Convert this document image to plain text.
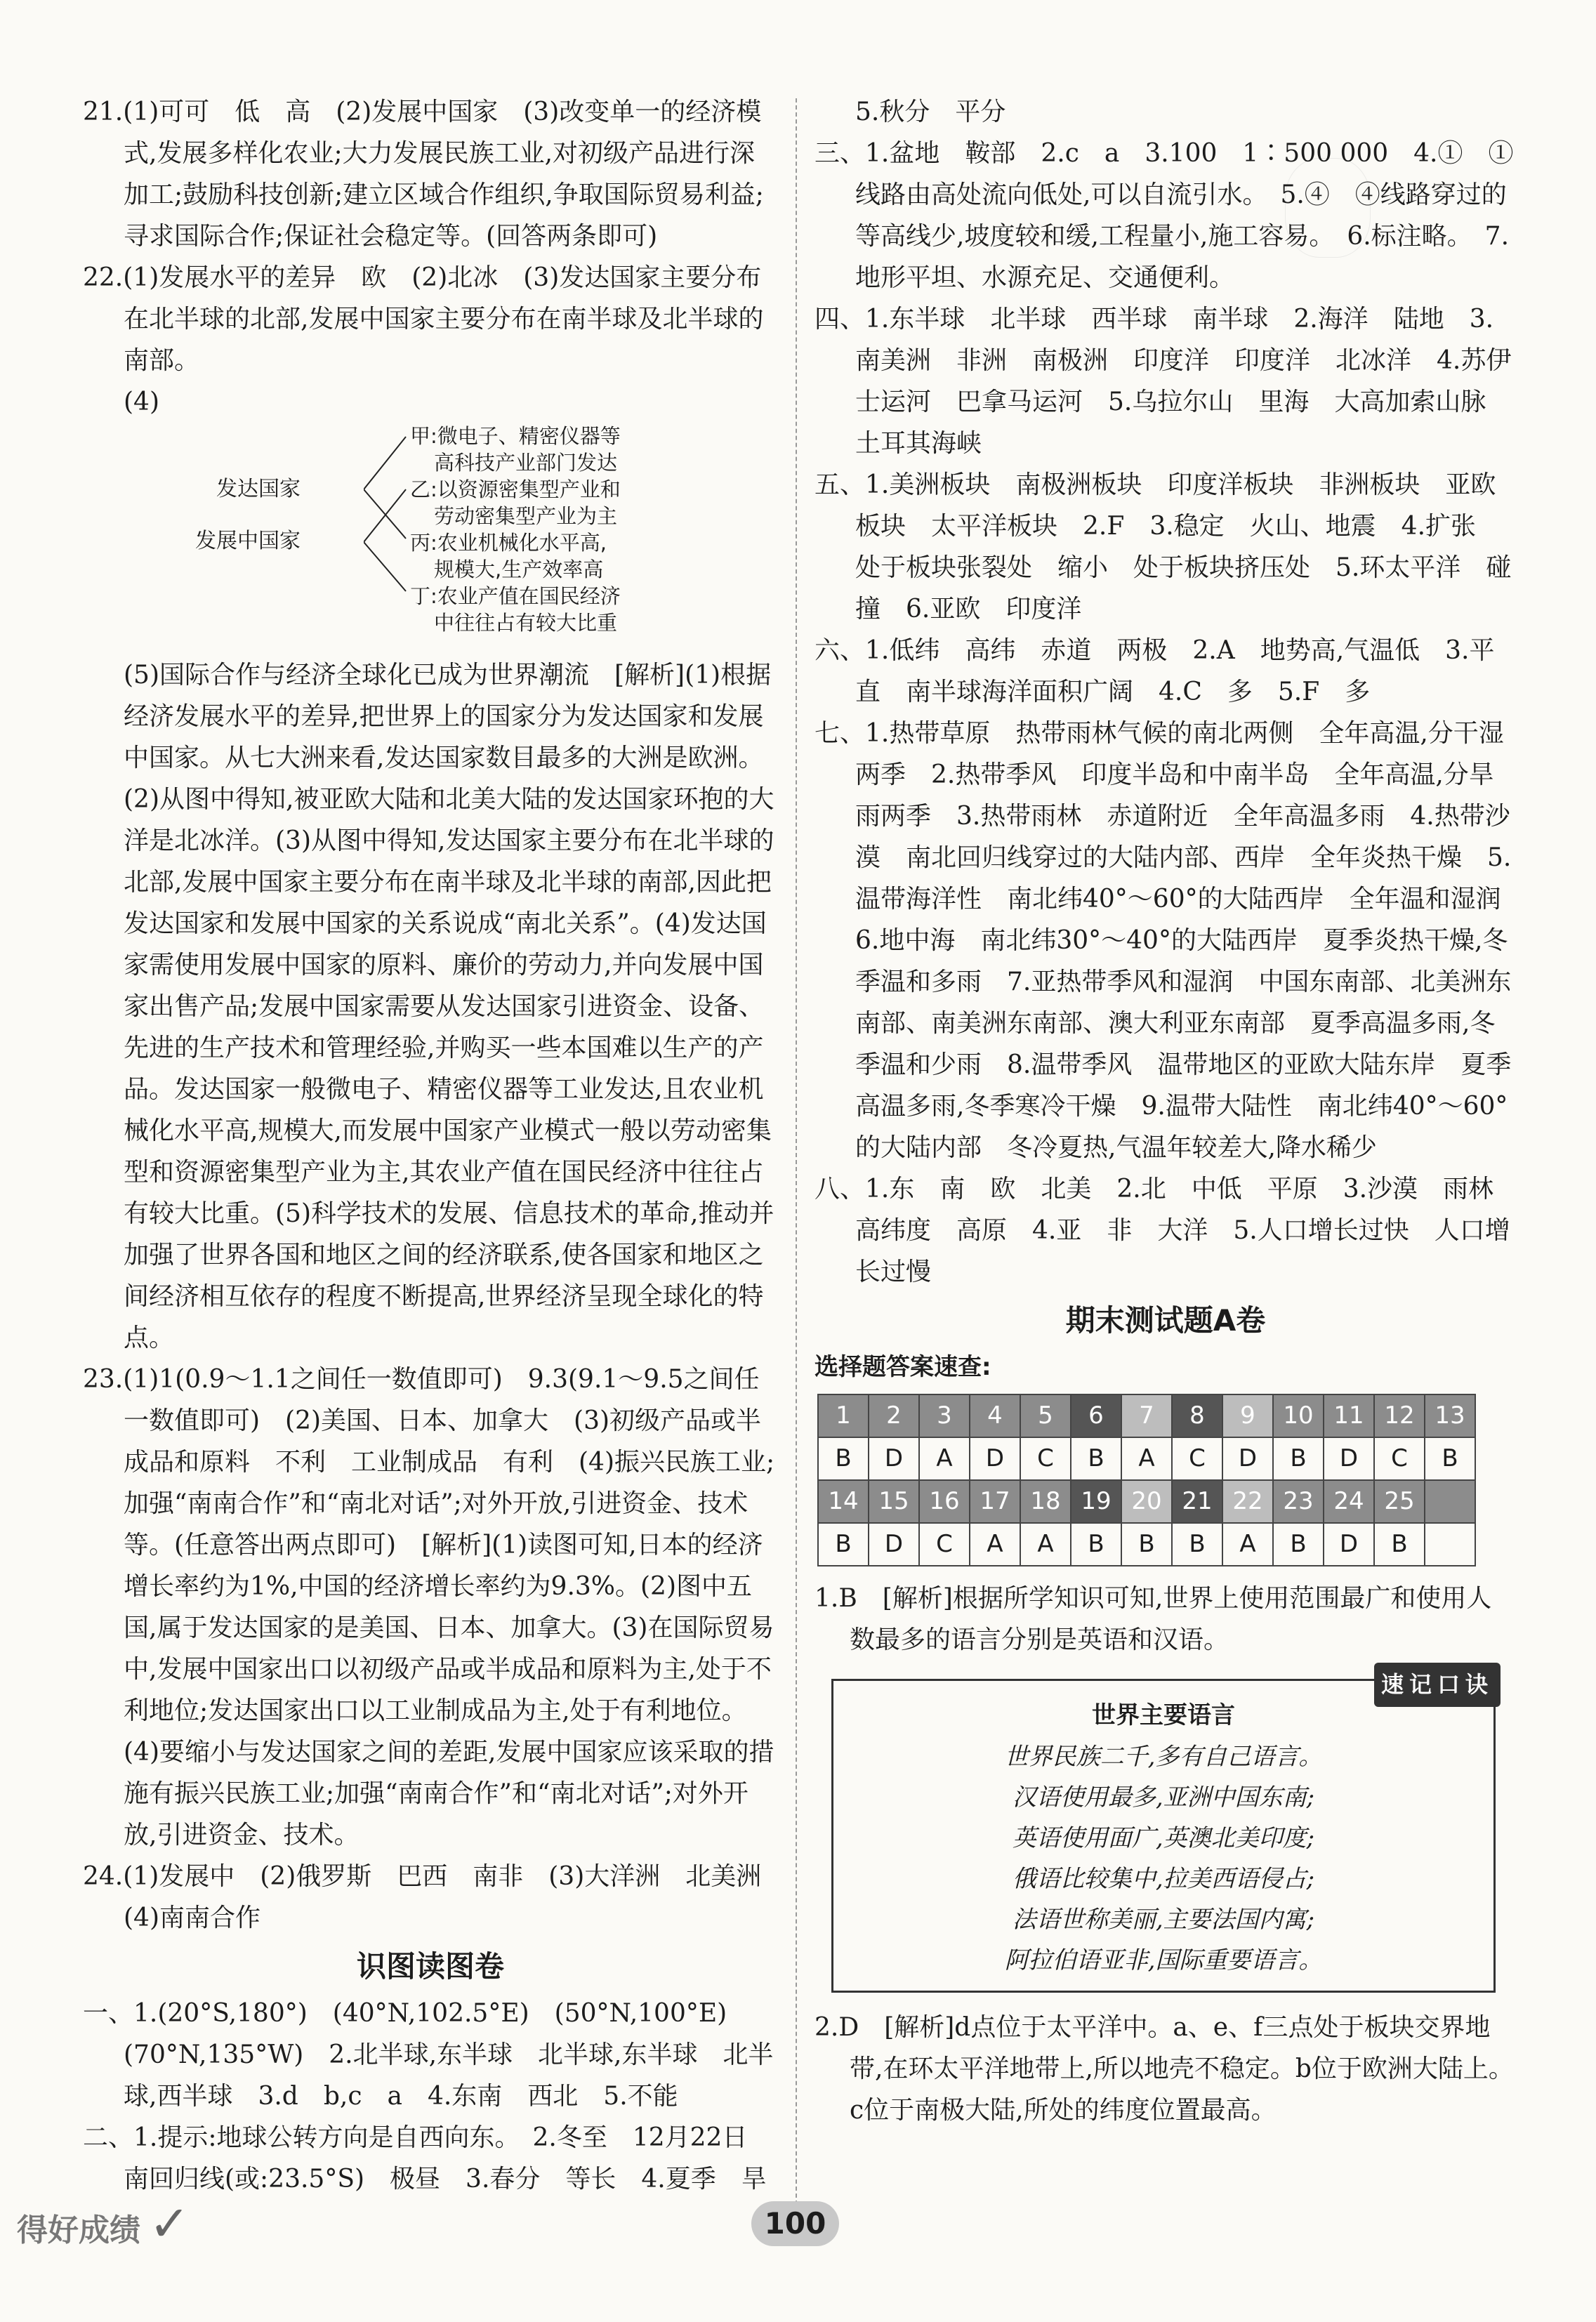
21.(1)可可　低　高　(2)发展中国家　(3)改变单一的经济模式,发展多样化农业;大力发展民族工业,对初级产品进行深加工;鼓励科技创新;建立区域合作组织,争取国际贸易利益;寻求国际合作;保证社会稳定等。(回答两条即可)

22.(1)发展水平的差异　欧　(2)北冰　(3)发达国家主要分布在北半球的北部,发展中国家主要分布在南半球及北半球的南部。

(4)

发达国家
发展中国家
甲:微电子、精密仪器等
高科技产业部门发达
乙:以资源密集型产业和
劳动密集型产业为主
丙:农业机械化水平高,
规模大,生产效率高
丁:农业产值在国民经济
中往往占有较大比重

(5)国际合作与经济全球化已成为世界潮流　[解析](1)根据经济发展水平的差异,把世界上的国家分为发达国家和发展中国家。从七大洲来看,发达国家数目最多的大洲是欧洲。(2)从图中得知,被亚欧大陆和北美大陆的发达国家环抱的大洋是北冰洋。(3)从图中得知,发达国家主要分布在北半球的北部,发展中国家主要分布在南半球及北半球的南部,因此把发达国家和发展中国家的关系说成“南北关系”。(4)发达国家需使用发展中国家的原料、廉价的劳动力,并向发展中国家出售产品;发展中国家需要从发达国家引进资金、设备、先进的生产技术和管理经验,并购买一些本国难以生产的产品。发达国家一般微电子、精密仪器等工业发达,且农业机械化水平高,规模大,而发展中国家产业模式一般以劳动密集型和资源密集型产业为主,其农业产值在国民经济中往往占有较大比重。(5)科学技术的发展、信息技术的革命,推动并加强了世界各国和地区之间的经济联系,使各国家和地区之间经济相互依存的程度不断提高,世界经济呈现全球化的特点。

23.(1)1(0.9～1.1之间任一数值即可)　9.3(9.1～9.5之间任一数值即可)　(2)美国、日本、加拿大　(3)初级产品或半成品和原料　不利　工业制成品　有利　(4)振兴民族工业;加强“南南合作”和“南北对话”;对外开放,引进资金、技术等。(任意答出两点即可)　[解析](1)读图可知,日本的经济增长率约为1%,中国的经济增长率约为9.3%。(2)图中五国,属于发达国家的是美国、日本、加拿大。(3)在国际贸易中,发展中国家出口以初级产品或半成品和原料为主,处于不利地位;发达国家出口以工业制成品为主,处于有利地位。(4)要缩小与发达国家之间的差距,发展中国家应该采取的措施有振兴民族工业;加强“南南合作”和“南北对话”;对外开放,引进资金、技术。

24.(1)发展中　(2)俄罗斯　巴西　南非　(3)大洋洲　北美洲　(4)南南合作

识图读图卷

一、1.(20°S,180°)　(40°N,102.5°E)　(50°N,100°E)　(70°N,135°W)　2.北半球,东半球　北半球,东半球　北半球,西半球　3.d　b,c　a　4.东南　西北　5.不能

二、1.提示:地球公转方向是自西向东。　2.冬至　12月22日　南回归线(或:23.5°S)　极昼　3.春分　等长　4.夏季　旱

5.秋分　平分

三、1.盆地　鞍部　2.c　a　3.100　1∶500 000　4.①　①线路由高处流向低处,可以自流引水。　5.④　④线路穿过的等高线少,坡度较和缓,工程量小,施工容易。　6.标注略。　7.地形平坦、水源充足、交通便利。

四、1.东半球　北半球　西半球　南半球　2.海洋　陆地　3.南美洲　非洲　南极洲　印度洋　印度洋　北冰洋　4.苏伊士运河　巴拿马运河　5.乌拉尔山　里海　大高加索山脉　土耳其海峡

五、1.美洲板块　南极洲板块　印度洋板块　非洲板块　亚欧板块　太平洋板块　2.F　3.稳定　火山、地震　4.扩张　处于板块张裂处　缩小　处于板块挤压处　5.环太平洋　碰撞　6.亚欧　印度洋

六、1.低纬　高纬　赤道　两极　2.A　地势高,气温低　3.平直　南半球海洋面积广阔　4.C　多　5.F　多

七、1.热带草原　热带雨林气候的南北两侧　全年高温,分干湿两季　2.热带季风　印度半岛和中南半岛　全年高温,分旱雨两季　3.热带雨林　赤道附近　全年高温多雨　4.热带沙漠　南北回归线穿过的大陆内部、西岸　全年炎热干燥　5.温带海洋性　南北纬40°～60°的大陆西岸　全年温和湿润　6.地中海　南北纬30°～40°的大陆西岸　夏季炎热干燥,冬季温和多雨　7.亚热带季风和湿润　中国东南部、北美洲东南部、南美洲东南部、澳大利亚东南部　夏季高温多雨,冬季温和少雨　8.温带季风　温带地区的亚欧大陆东岸　夏季高温多雨,冬季寒冷干燥　9.温带大陆性　南北纬40°～60°的大陆内部　冬冷夏热,气温年较差大,降水稀少

八、1.东　南　欧　北美　2.北　中低　平原　3.沙漠　雨林　高纬度　高原　4.亚　非　大洋　5.人口增长过快　人口增长过慢

期末测试题A卷
选择题答案速查:
1	2	3	4	5	6	7	8	9	10	11	12	13
B	D	A	D	C	B	A	C	D	B	D	C	B
14	15	16	17	18	19	20	21	22	23	24	25	
B	D	C	A	A	B	B	B	A	B	D	B	

1.B　[解析]根据所学知识可知,世界上使用范围最广和使用人数最多的语言分别是英语和汉语。

速记口诀
世界主要语言
世界民族二千,多有自己语言。
汉语使用最多,亚洲中国东南;
英语使用面广,英澳北美印度;
俄语比较集中,拉美西语侵占;
法语世称美丽,主要法国内寓;
阿拉伯语亚非,国际重要语言。

2.D　[解析]d点位于太平洋中。a、e、f三点处于板块交界地带,在环太平洋地带上,所以地壳不稳定。b位于欧洲大陆上。c位于南极大陆,所处的纬度位置最高。

得好成绩 ✓	100
